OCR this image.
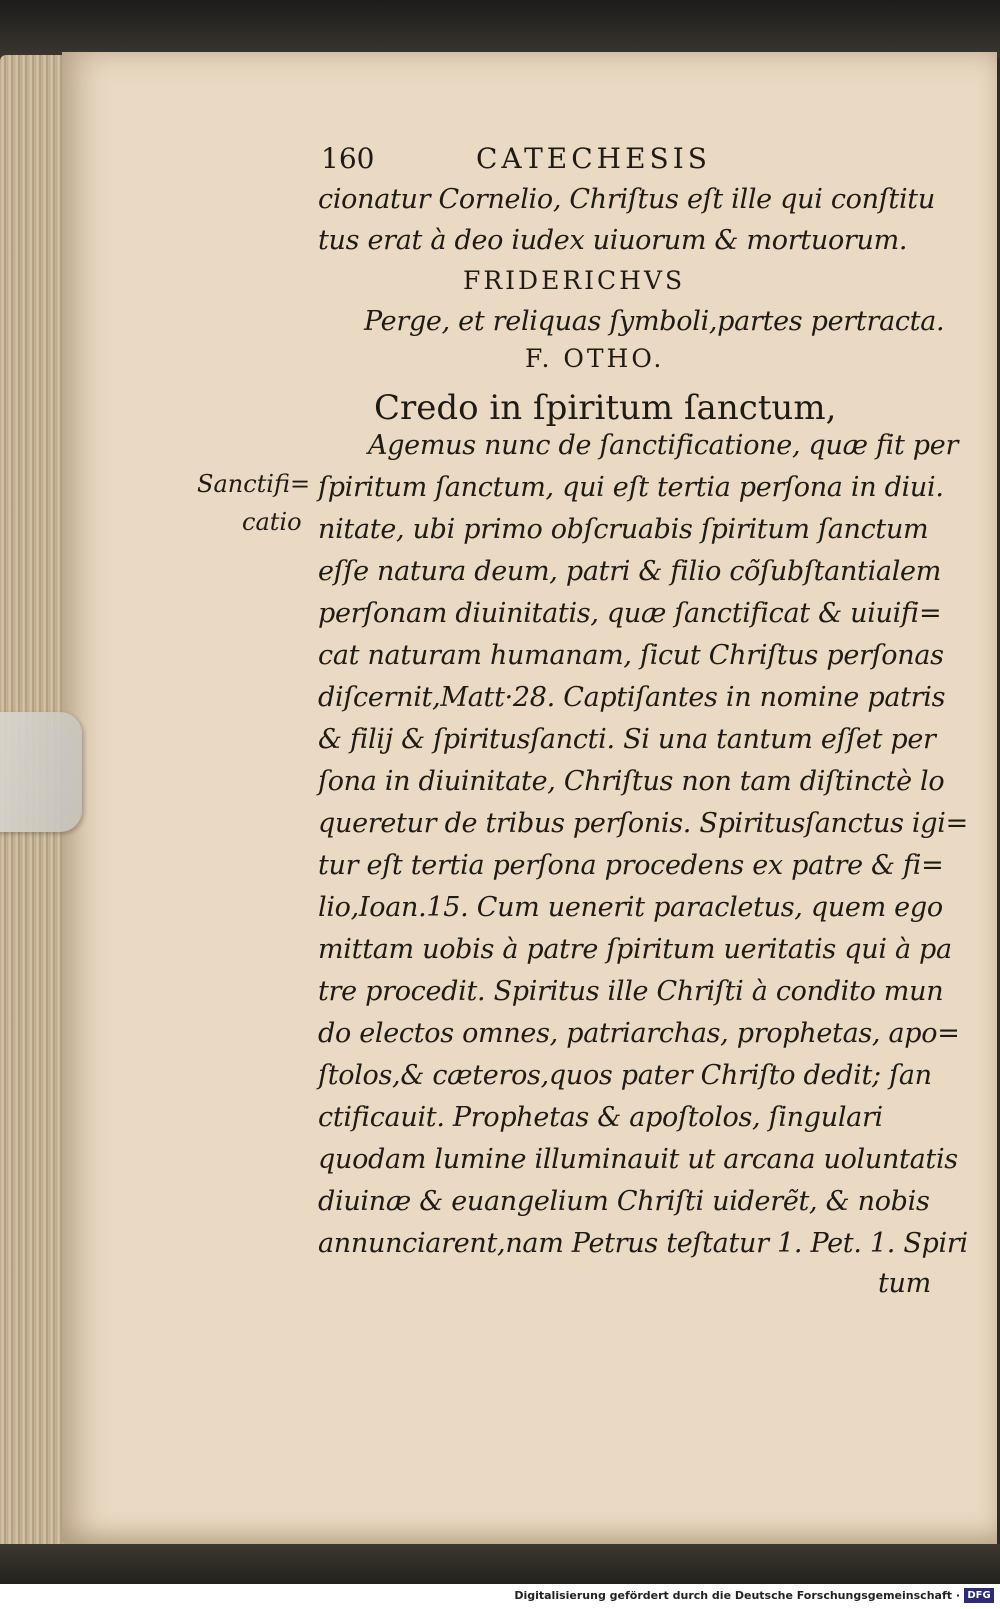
160	CATECHESIS
cionatur Cornelio, Chriſtus eſt ille qui conſtitu
tus erat à deo iudex uiuorum & mortuorum.
FRIDERICHVS
Perge, et reliquas ſymboli,partes pertracta.
F. OTHO.
Credo in ſpiritum ſanctum,
Sanctifi=
catio
Agemus nunc de ſanctificatione, quæ fit per
ſpiritum ſanctum, qui eſt tertia perſona in diui.
nitate, ubi primo obſcruabis ſpiritum ſanctum
eſſe natura deum, patri & filio cõſubſtantialem
perſonam diuinitatis, quæ ſanctificat & uiuifi=
cat naturam humanam, ſicut Chriſtus perſonas
diſcernit,Matt·28. Captiſantes in nomine patris
& filij & ſpiritusſancti. Si una tantum eſſet per
ſona in diuinitate, Chriſtus non tam diſtinctè lo
queretur de tribus perſonis. Spiritusſanctus igi=
tur eſt tertia perſona procedens ex patre & fi=
lio,Ioan.15. Cum uenerit paracletus, quem ego
mittam uobis à patre ſpiritum ueritatis qui à pa
tre procedit. Spiritus ille Chriſti à condito mun
do electos omnes, patriarchas, prophetas, apo=
ſtolos,& cæteros,quos pater Chriſto dedit; ſan
ctificauit. Prophetas & apoſtolos, ſingulari
quodam lumine illuminauit ut arcana uoluntatis
diuinæ & euangelium Chriſti uiderẽt, & nobis
annunciarent,nam Petrus teſtatur 1. Pet. 1. Spiri
tum
Digitalisierung gefördert durch die Deutsche Forschungsgemeinschaft · DFG
